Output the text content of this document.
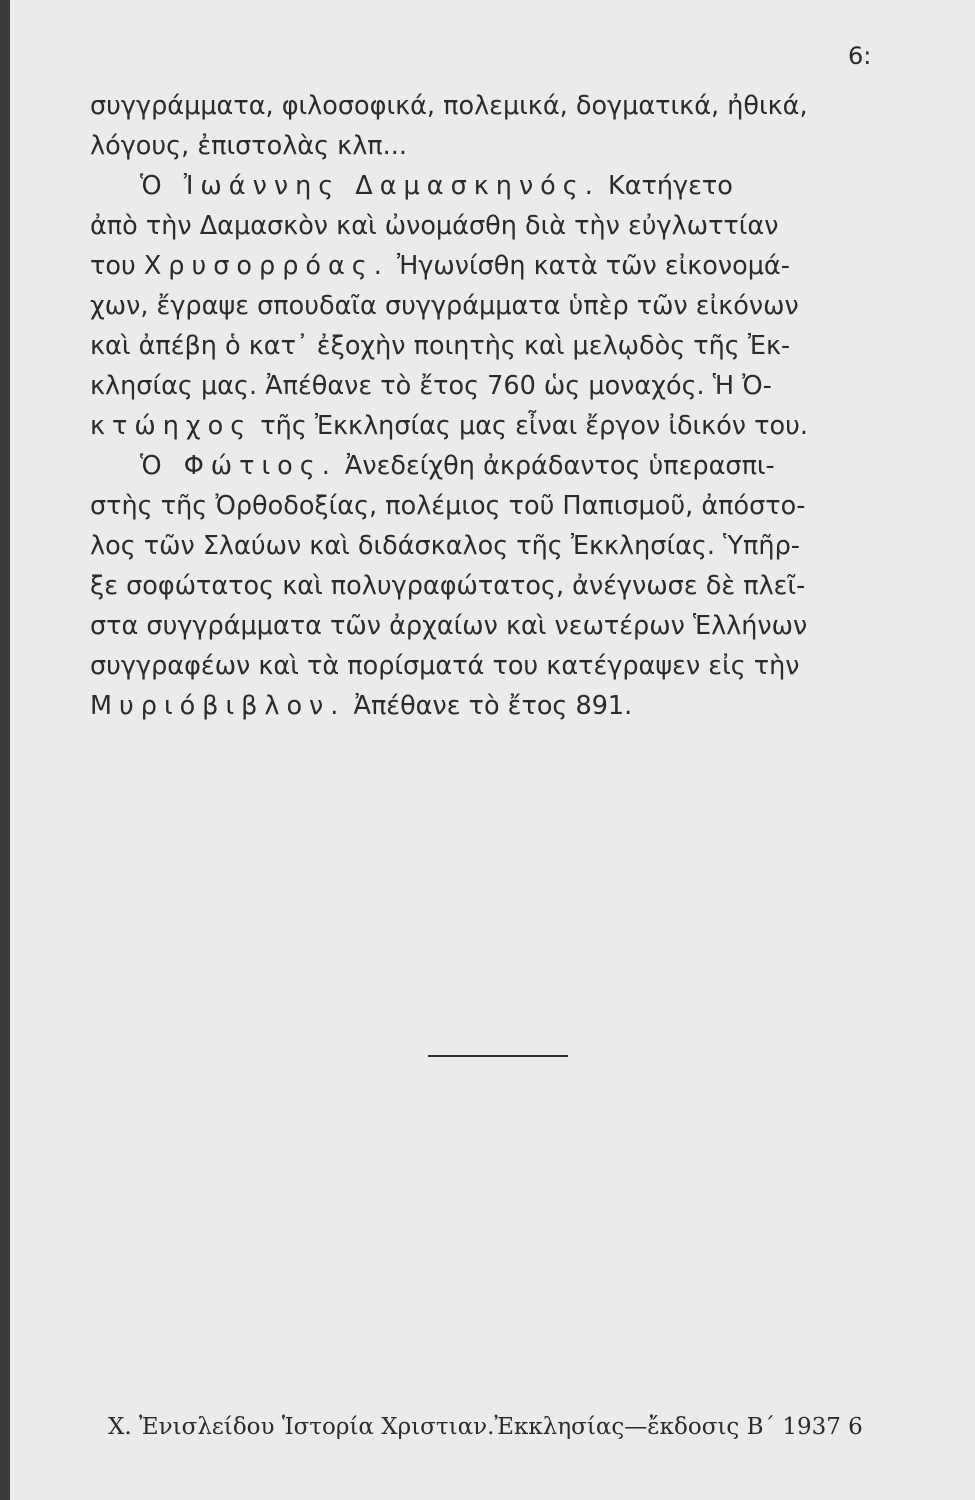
6:
συγγράμματα, φιλοσοφικά, πολεμικά, δογματικά, ἠθικά,
λόγους, ἐπιστολὰς κλπ...
Ὁ Ἰωάννης Δαμασκηνός. Κατήγετο
ἀπὸ τὴν Δαμασκὸν καὶ ὠνομάσθη διὰ τὴν εὐγλωττίαν
του Χρυσορρόας. Ἠγωνίσθη κατὰ τῶν εἰκονομά-
χων, ἔγραψε σπουδαῖα συγγράμματα ὑπὲρ τῶν εἰκόνων
καὶ ἀπέβη ὁ κατ᾽ ἐξοχὴν ποιητὴς καὶ μελῳδὸς τῆς Ἐκ-
κλησίας μας. Ἀπέθανε τὸ ἔτος 760 ὡς μοναχός. Ἡ Ὀ-
κτώηχος τῆς Ἐκκλησίας μας εἶναι ἔργον ἰδικόν του.
Ὁ Φώτιος. Ἀνεδείχθη ἀκράδαντος ὑπερασπι-
στὴς τῆς Ὀρθοδοξίας, πολέμιος τοῦ Παπισμοῦ, ἀπόστο-
λος τῶν Σλαύων καὶ διδάσκαλος τῆς Ἐκκλησίας. Ὑπῆρ-
ξε σοφώτατος καὶ πολυγραφώτατος, ἀνέγνωσε δὲ πλεῖ-
στα συγγράμματα τῶν ἀρχαίων καὶ νεωτέρων Ἑλλήνων
συγγραφέων καὶ τὰ πορίσματά του κατέγραψεν εἰς τὴν
Μυριόβιβλον. Ἀπέθανε τὸ ἔτος 891.
Χ. Ἐνισλείδου Ἱστορία Χριστιαν.Ἐκκλησίας—ἔκδοσις Β΄ 1937 6
